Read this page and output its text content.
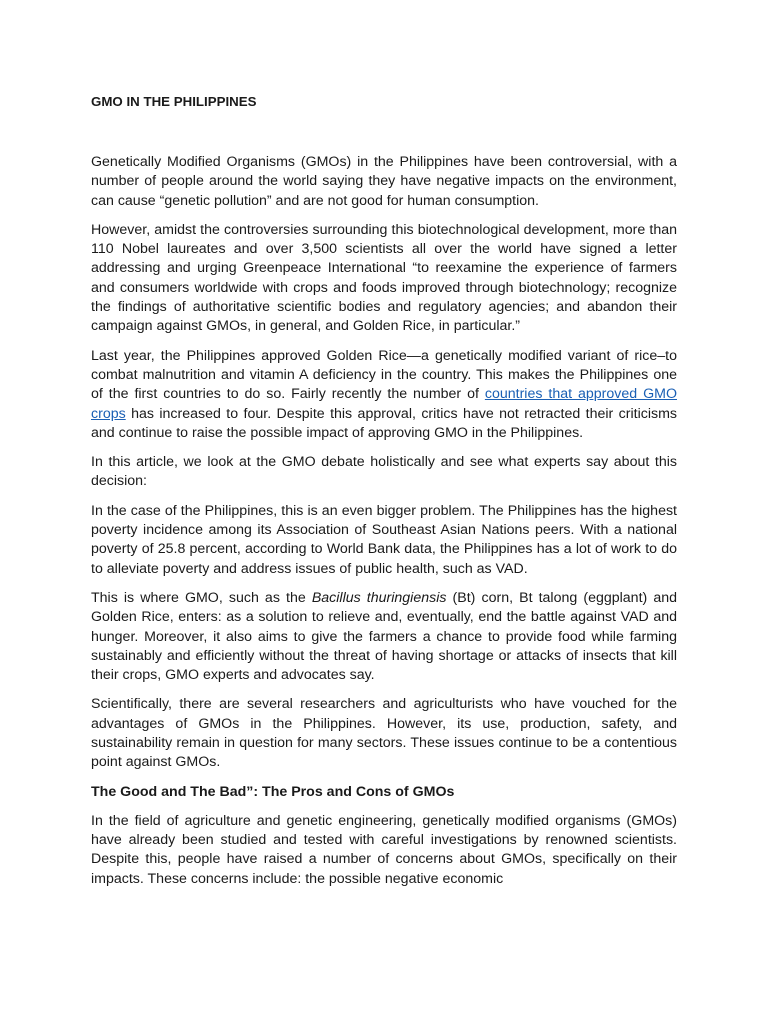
GMO IN THE PHILIPPINES

Genetically Modified Organisms (GMOs) in the Philippines have been controversial, with a number of people around the world saying they have negative impacts on the environment, can cause “genetic pollution” and are not good for human consumption.

However, amidst the controversies surrounding this biotechnological development, more than 110 Nobel laureates and over 3,500 scientists all over the world have signed a letter addressing and urging Greenpeace International “to reexamine the experience of farmers and consumers worldwide with crops and foods improved through biotechnology; recognize the findings of authoritative scientific bodies and regulatory agencies; and abandon their campaign against GMOs, in general, and Golden Rice, in particular.”

Last year, the Philippines approved Golden Rice—a genetically modified variant of rice–to combat malnutrition and vitamin A deficiency in the country. This makes the Philippines one of the first countries to do so. Fairly recently the number of countries that approved GMO crops has increased to four. Despite this approval, critics have not retracted their criticisms and continue to raise the possible impact of approving GMO in the Philippines.

In this article, we look at the GMO debate holistically and see what experts say about this decision:

In the case of the Philippines, this is an even bigger problem. The Philippines has the highest poverty incidence among its Association of Southeast Asian Nations peers. With a national poverty of 25.8 percent, according to World Bank data, the Philippines has a lot of work to do to alleviate poverty and address issues of public health, such as VAD.

This is where GMO, such as the Bacillus thuringiensis (Bt) corn, Bt talong (eggplant) and Golden Rice, enters: as a solution to relieve and, eventually, end the battle against VAD and hunger. Moreover, it also aims to give the farmers a chance to provide food while farming sustainably and efficiently without the threat of having shortage or attacks of insects that kill their crops, GMO experts and advocates say.

Scientifically, there are several researchers and agriculturists who have vouched for the advantages of GMOs in the Philippines. However, its use, production, safety, and sustainability remain in question for many sectors. These issues continue to be a contentious point against GMOs.

The Good and The Bad”: The Pros and Cons of GMOs

In the field of agriculture and genetic engineering, genetically modified organisms (GMOs) have already been studied and tested with careful investigations by renowned scientists. Despite this, people have raised a number of concerns about GMOs, specifically on their impacts. These concerns include: the possible negative economic
